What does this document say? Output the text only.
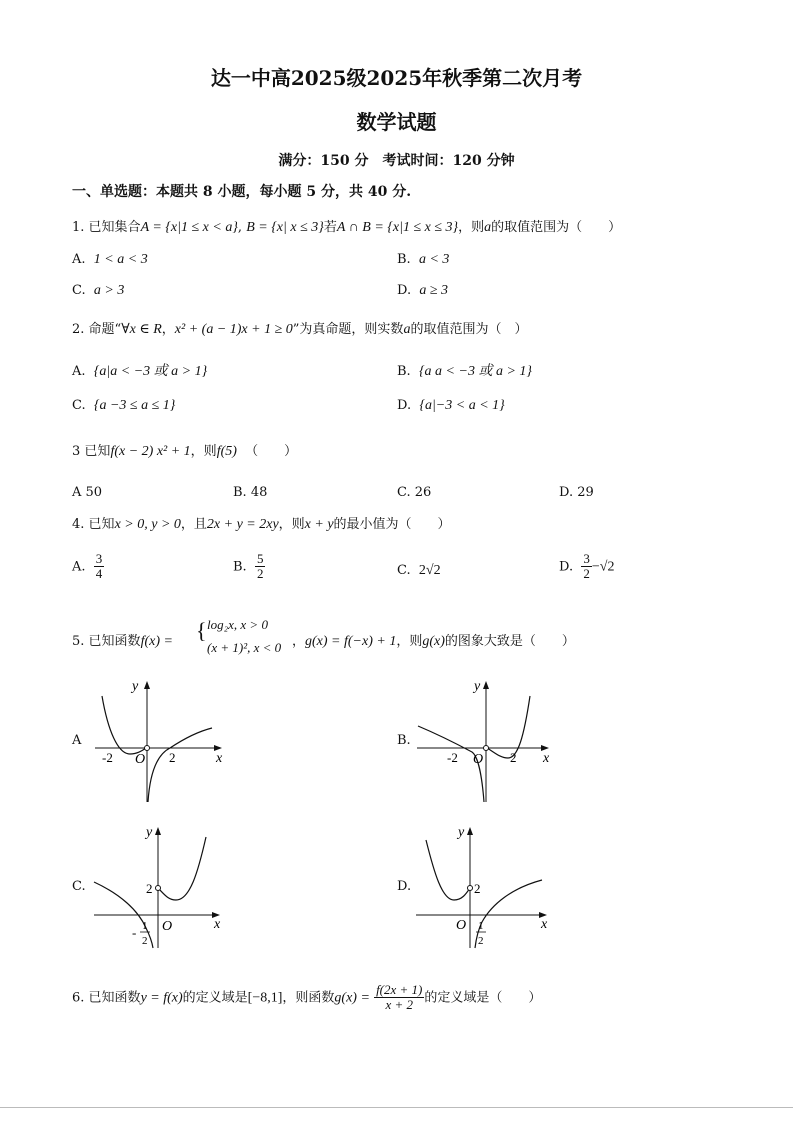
达一中高2025级2025年秋季第二次月考
数学试题
满分：150 分　考试时间：120 分钟
一、单选题：本题共 8 小题，每小题 5 分，共 40 分.
1. 已知集合A = {x|1 ≤ x < a}, B = {x| x ≤ 3}若A ∩ B = {x|1 ≤ x ≤ 3}，则a的取值范围为（　　）
A. 1 < a < 3	B. a < 3
C. a > 3	D. a ≥ 3
2. 命题“∀x ∈ R，x² + (a − 1)x + 1 ≥ 0”为真命题，则实数a的取值范围为（　）
A. {a|a < −3 或 a > 1}	B. {a a < −3 或 a > 1}
C. {a −3 ≤ a ≤ 1}	D. {a|−3 < a < 1}
3 已知f(x − 2) x² + 1，则f(5) （　　）
A 50	B. 48	C. 26	D. 29
4. 已知x > 0, y > 0，且2x + y = 2xy，则x + y的最小值为（　　）
A. $\frac{3}{4}$	B. $\frac{5}{2}$	C. 2√2	D. $\frac{3}{2} -√2$
5. 已知函数f(x) = { log₂x, x > 0
(x + 1)², x < 0 ，g(x) = f(−x) + 1，则g(x)的图象大致是（　　）
A
-2 O 2	x
y
B.
-2 O 2 x
y
C.	2
- 1
2
O	x
y
D.	2
O 1
2
x
y
6. 已知函数y = f(x)的定义域是[−8,1]，则函数$g(x) = \frac{f(2x + 1)}{x + 2}$ 的定义域是（　　）
